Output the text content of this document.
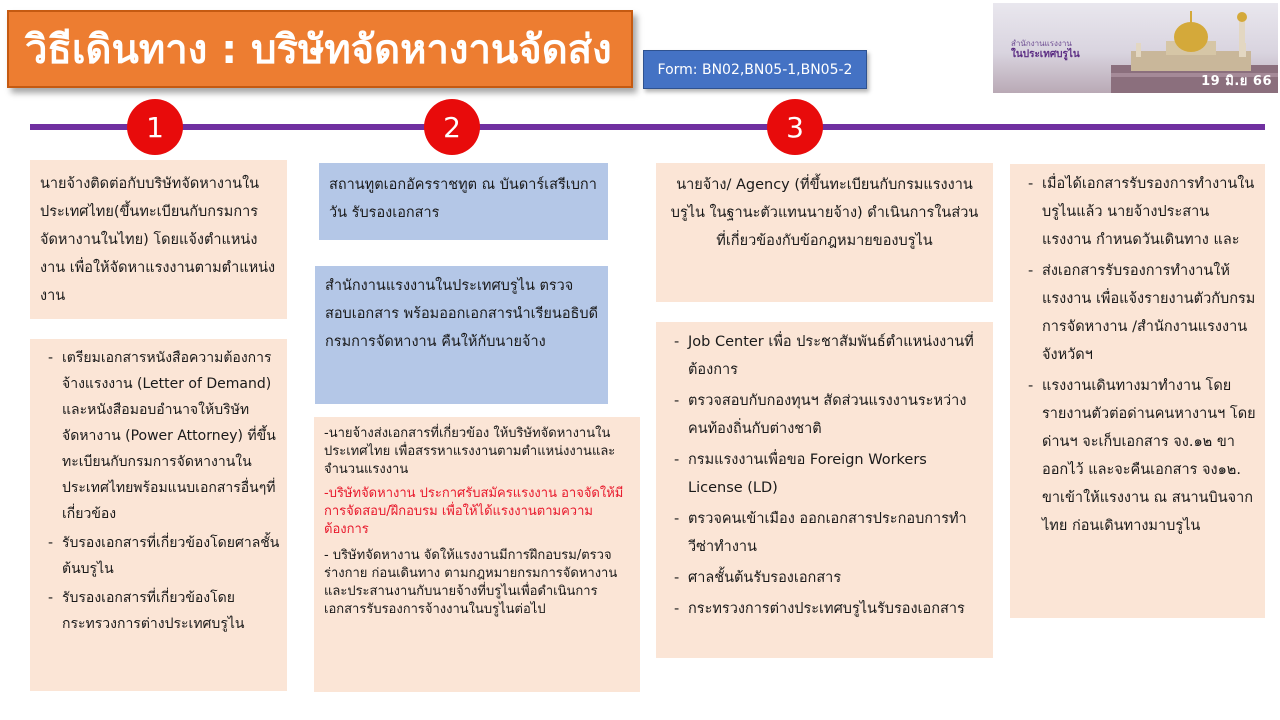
วิธีเดินทาง : บริษัทจัดหางานจัดส่ง	Form: BN02,BN05-1,BN05-2
สำนักงานแรงงาน
ในประเทศบรูไน
19 มิ.ย 66
1	2	3
นายจ้างติดต่อกับบริษัทจัดหางานในประเทศไทย(ขึ้นทะเบียนกับกรมการจัดหางานในไทย) โดยแจ้งตำแหน่งงาน เพื่อให้จัดหาแรงงานตามตำแหน่งงาน
- เตรียมเอกสารหนังสือความต้องการจ้างแรงงาน (Letter of Demand) และหนังสือมอบอำนาจให้บริษัทจัดหางาน (Power Attorney) ที่ขึ้นทะเบียนกับกรมการจัดหางานในประเทศไทยพร้อมแนบเอกสารอื่นๆที่เกี่ยวข้อง
- รับรองเอกสารที่เกี่ยวข้องโดยศาลชั้นต้นบรูไน
- รับรองเอกสารที่เกี่ยวข้องโดยกระทรวงการต่างประเทศบรูไน
สถานทูตเอกอัครราชทูต ณ บันดาร์เสรีเบกาวัน รับรองเอกสาร
สำนักงานแรงงานในประเทศบรูไน ตรวจสอบเอกสาร พร้อมออกเอกสารนำเรียนอธิบดีกรมการจัดหางาน คืนให้กับนายจ้าง
-นายจ้างส่งเอกสารที่เกี่ยวข้อง ให้บริษัทจัดหางานในประเทศไทย เพื่อสรรหาแรงงานตามตำแหน่งงานและจำนวนแรงงาน
-บริษัทจัดหางาน ประกาศรับสมัครแรงงาน อาจจัดให้มีการจัดสอบ/ฝึกอบรม เพื่อให้ได้แรงงานตามความต้องการ
- บริษัทจัดหางาน จัดให้แรงงานมีการฝึกอบรม/ตรวจร่างกาย ก่อนเดินทาง ตามกฎหมายกรมการจัดหางานและประสานงานกับนายจ้างที่บรูไนเพื่อดำเนินการเอกสารรับรองการจ้างงานในบรูไนต่อไป
นายจ้าง/ Agency (ที่ขึ้นทะเบียนกับกรมแรงงานบรูไน ในฐานะตัวแทนนายจ้าง) ดำเนินการในส่วนที่เกี่ยวข้องกับข้อกฎหมายของบรูไน
- Job Center เพื่อ ประชาสัมพันธ์ตำแหน่งงานที่ต้องการ
- ตรวจสอบกับกองทุนฯ สัดส่วนแรงงานระหว่างคนท้องถิ่นกับต่างชาติ
- กรมแรงงานเพื่อขอ Foreign Workers License (LD)
- ตรวจคนเข้าเมือง ออกเอกสารประกอบการทำวีซ่าทำงาน
- ศาลชั้นต้นรับรองเอกสาร
- กระทรวงการต่างประเทศบรูไนรับรองเอกสาร
- เมื่อได้เอกสารรับรองการทำงานในบรูไนแล้ว นายจ้างประสานแรงงาน กำหนดวันเดินทาง และ
- ส่งเอกสารรับรองการทำงานให้แรงงาน เพื่อแจ้งรายงานตัวกับกรมการจัดหางาน /สำนักงานแรงงานจังหวัดฯ
- แรงงานเดินทางมาทำงาน โดยรายงานตัวต่อด่านคนหางานฯ โดยด่านฯ จะเก็บเอกสาร จง.๑๒ ขาออกไว้ และจะคืนเอกสาร จง๑๒. ขาเข้าให้แรงงาน ณ สนานบินจากไทย ก่อนเดินทางมาบรูไน
